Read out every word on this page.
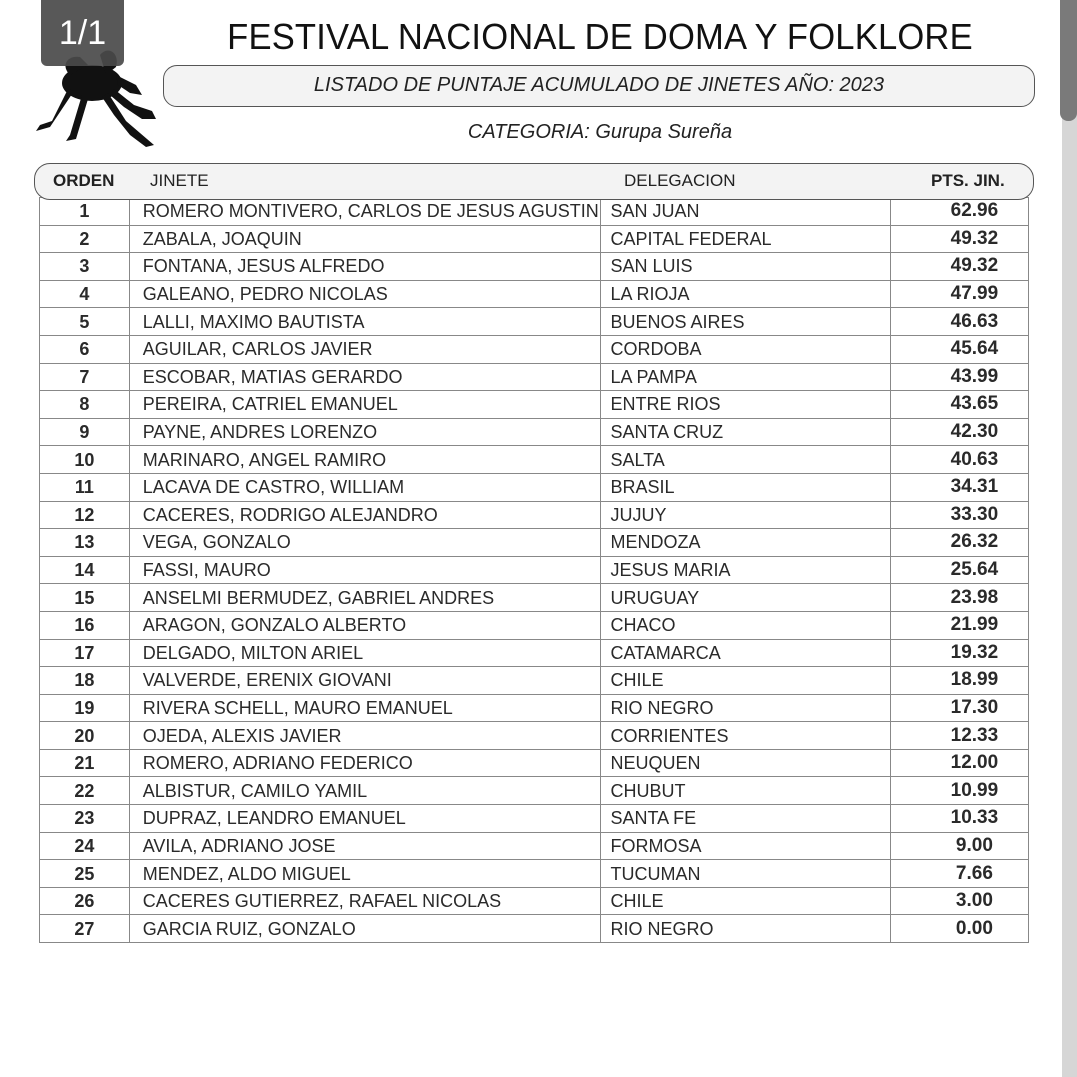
1/1	FESTIVAL NACIONAL DE DOMA Y FOLKLORE
LISTADO DE PUNTAJE ACUMULADO DE JINETES AÑO: 2023
CATEGORIA: Gurupa Sureña
ORDEN JINETE	DELEGACION	PTS. JIN.
1	ROMERO MONTIVERO, CARLOS DE JESUS AGUSTIN	SAN JUAN	62.96
2	ZABALA, JOAQUIN	CAPITAL FEDERAL	49.32
3	FONTANA, JESUS ALFREDO	SAN LUIS	49.32
4	GALEANO, PEDRO NICOLAS	LA RIOJA	47.99
5	LALLI, MAXIMO BAUTISTA	BUENOS AIRES	46.63
6	AGUILAR, CARLOS JAVIER	CORDOBA	45.64
7	ESCOBAR, MATIAS GERARDO	LA PAMPA	43.99
8	PEREIRA, CATRIEL EMANUEL	ENTRE RIOS	43.65
9	PAYNE, ANDRES LORENZO	SANTA CRUZ	42.30
10	MARINARO, ANGEL RAMIRO	SALTA	40.63
11	LACAVA DE CASTRO, WILLIAM	BRASIL	34.31
12	CACERES, RODRIGO ALEJANDRO	JUJUY	33.30
13	VEGA, GONZALO	MENDOZA	26.32
14	FASSI, MAURO	JESUS MARIA	25.64
15	ANSELMI BERMUDEZ, GABRIEL ANDRES	URUGUAY	23.98
16	ARAGON, GONZALO ALBERTO	CHACO	21.99
17	DELGADO, MILTON ARIEL	CATAMARCA	19.32
18	VALVERDE, ERENIX GIOVANI	CHILE	18.99
19	RIVERA SCHELL, MAURO EMANUEL	RIO NEGRO	17.30
20	OJEDA, ALEXIS JAVIER	CORRIENTES	12.33
21	ROMERO, ADRIANO FEDERICO	NEUQUEN	12.00
22	ALBISTUR, CAMILO YAMIL	CHUBUT	10.99
23	DUPRAZ, LEANDRO EMANUEL	SANTA FE	10.33
24	AVILA, ADRIANO JOSE	FORMOSA	9.00
25	MENDEZ, ALDO MIGUEL	TUCUMAN	7.66
26	CACERES GUTIERREZ, RAFAEL NICOLAS	CHILE	3.00
27	GARCIA RUIZ, GONZALO	RIO NEGRO	0.00
